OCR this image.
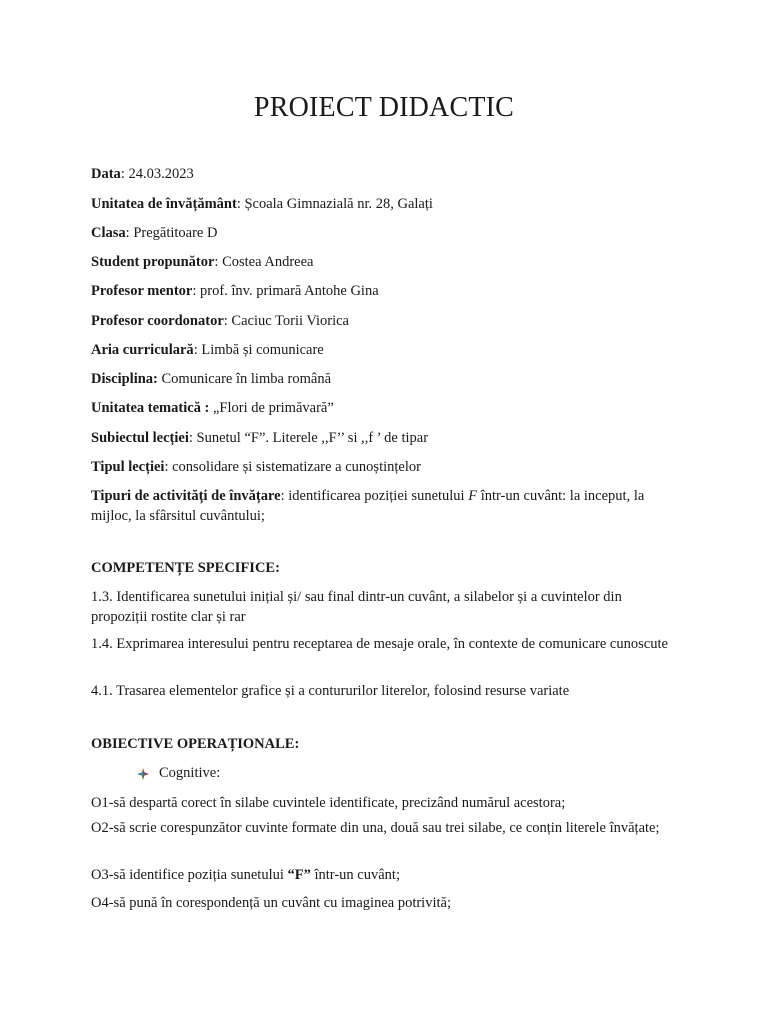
PROIECT DIDACTIC

Data: 24.03.2023

Unitatea de învățământ: Școala Gimnazială nr. 28, Galați

Clasa: Pregătitoare D

Student propunător: Costea Andreea

Profesor mentor: prof. înv. primară Antohe Gina

Profesor coordonator: Caciuc Torii Viorica

Aria curriculară: Limbă și comunicare

Disciplina: Comunicare în limba română

Unitatea tematică : „Flori de primăvară”

Subiectul lecției: Sunetul “F”. Literele ,,F’’ si ,,f ’ de tipar

Tipul lecției: consolidare și sistematizare a cunoștințelor

Tipuri de activități de învățare: identificarea poziției sunetului F într-un cuvânt: la inceput, la mijloc, la sfârsitul cuvântului;

COMPETENȚE SPECIFICE:

1.3. Identificarea sunetului inițial și/ sau final dintr-un cuvânt, a silabelor și a cuvintelor din propoziții rostite clar și rar

1.4. Exprimarea interesului pentru receptarea de mesaje orale, în contexte de comunicare cunoscute

4.1. Trasarea elementelor grafice și a contururilor literelor, folosind resurse variate

OBIECTIVE OPERAȚIONALE:

Cognitive:

O1-să despartă corect în silabe cuvintele identificate, precizând numărul acestora;

O2-să scrie corespunzător cuvinte formate din una, două sau trei silabe, ce conțin literele învățate;

O3-să identifice poziția sunetului “F” într-un cuvânt;

O4-să pună în corespondență un cuvânt cu imaginea potrivită;
